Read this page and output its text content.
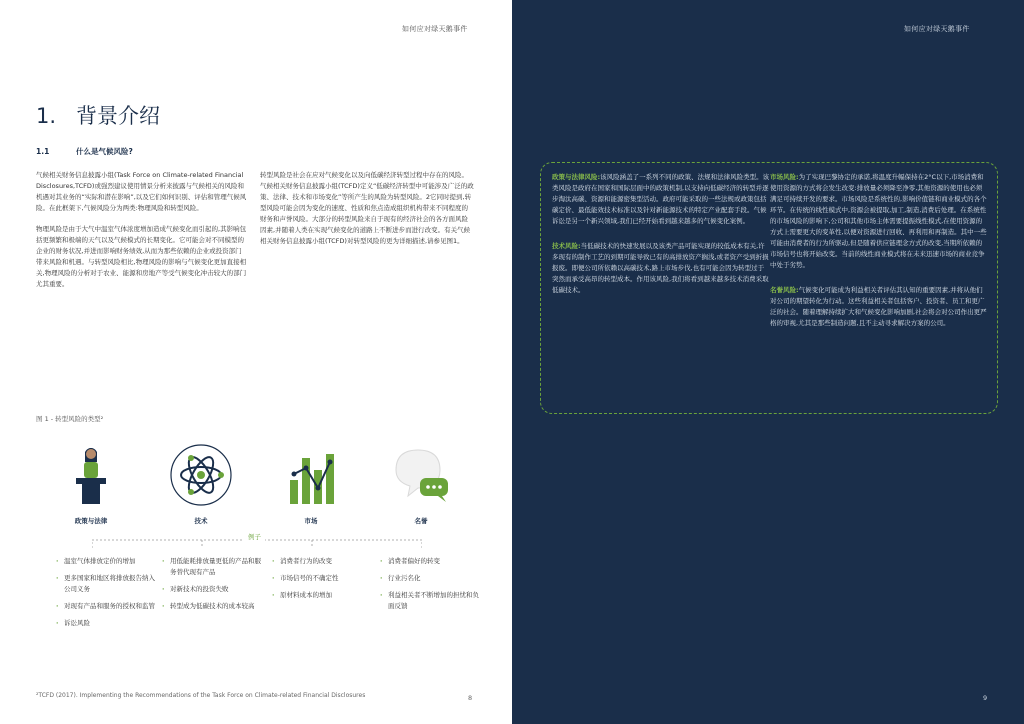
如何应对绿天鹅事件
1. 背景介绍
1.1	什么是气候风险?

气候相关财务信息披露小组(Task Force on Climate-related Financial Disclosures,TCFD)或强烈建议使用情景分析来披露与气候相关的风险和机遇对其业务的“实际和潜在影响”,以及它们如何识别、评估和管理气候风险。在此框架下,气候风险分为两类:物理风险和转型风险。

物理风险是由于大气中温室气体浓度增加造成气候变化而引起的,其影响包括更频繁和极端的天气以及气候模式的长期变化。它可能会对不同模型的企业的财务状况,并进而影响财务绩效,从而为那些依赖的企业或投资部门带来风险和机遇。与转型风险相比,物理风险的影响与气候变化更加直接相关,物理风险的分析对于农业、能源和房地产等受气候变化冲击较大的部门尤其重要。

转型风险是社会在应对气候变化以及向低碳经济转型过程中存在的风险。气候相关财务信息披露小组(TCFD)定义“低碳经济转型中可能涉及广泛的政策、法律、技术和市场变化”等所产生的风险为转型风险。2它同时提到,转型风险可能会因为变化的速度、性质和焦点造成组织机构带来不同程度的财务和声誉风险。大部分的转型风险来自于现有的经济社会的各方面风险因素,并随着人类在实现气候变化的道路上不断进步而进行改变。有关气候相关财务信息披露小组(TCFD)对转型风险的更为详细描述,请参见图1。

图 1 - 转型风险的类型²
政策与法律	技术	市场	名誉
例子
· 温室气体排放定价的增加
· 更多国家和地区将排放报告纳入公司义务
· 对现有产品和服务的授权和监管
· 诉讼风险
· 用低能耗排放量更低的产品和服务替代现有产品
· 对新技术的投资失败
· 转型成为低碳技术的成本较高
· 消费者行为的改变
· 市场信号的不确定性
· 原材料成本的增加
· 消费者偏好的转变
· 行业污名化
· 利益相关者不断增加的担忧和负面反馈
²TCFD (2017). Implementing the Recommendations of the Task Force on Climate-related Financial Disclosures	8
如何应对绿天鹅事件

政策与法律风险:该风险涵盖了一系列不同的政策、法规和法律风险类型。该类风险是政府在国家和国际层面中的政策机制,以支持向低碳经济的转型并逐步淘汰高碳、资源和能源密集型活动。政府可能采取的一些法规或政策包括碳定价、最低能效技术标准以及针对新能源技术的特定产业配套手段。气候诉讼是另一个新兴领域,我们已经开始看到越来越多的气候变化案例。

技术风险:当低碳技术的快速发展以及该类产品可能实现的较低成本有关,许多现有的制作工艺的到期可能导致已有的高排放资产搁浅,或者资产受到折损报废。即便公司所依赖以高碳技术,路上市场步伐,也有可能会因为转型过于突然而承受高昂的转型成本。作用该风险,我们将看到越来越多技术消费采取低碳技术。

市场风险:为了实现巴黎协定的承诺,将温度升幅保持在2°C以下,市场消费和使用资源的方式将会发生改变:排放量必须降至净零,其他资源的使用也必须满足可持续开发的要求。市场风险是系统性的,影响价值链和商业模式的各个环节。在传统的线性模式中,资源会被提取,加工,制造,消费后处理。在系统性的市场风险的影响下,公司和其他市场主体需要提振线性模式,在使用资源的方式上需要更大的变革性,以便对资源进行回收、再利用和再制造。其中一些可能由消费者的行为所驱动,但是随着供应链理念方式的改变,当期所依赖的市场信号也将开始改变。当前的线性商业模式将在未来迅速市场的商业竞争中处于劣势。

名誉风险:气候变化可能成为利益相关者评估其认知的重要因素,并将从他们对公司的期望转化为行动。这些利益相关者包括客户、投资者、员工和更广泛的社会。随着理解持续扩大和气候变化影响加剧,社会将会对公司作出更严格的审视,尤其是那些制造问题,且不主动寻求解决方案的公司。

9
